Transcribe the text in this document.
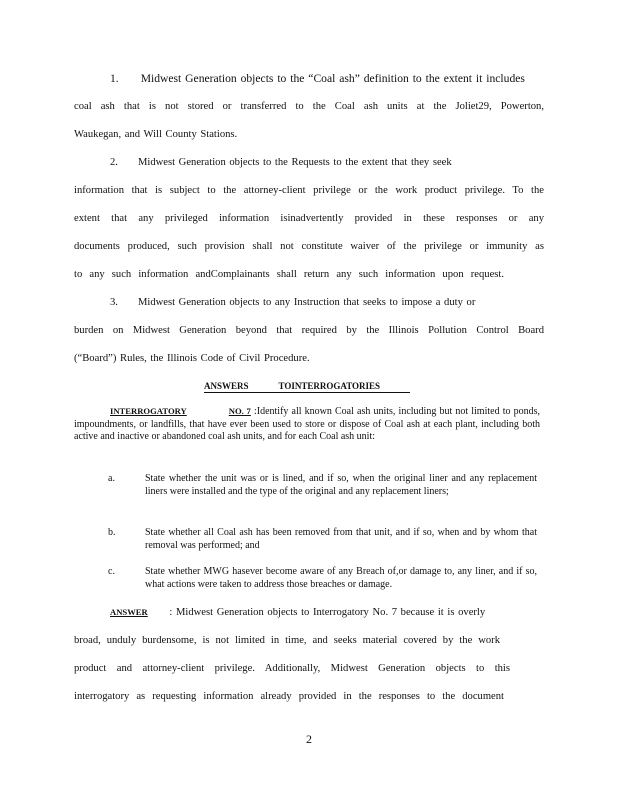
1. Midwest Generation objects to the “Coal ash” definition to the extent it includes
coal ash that is not stored or transferred to the Coal ash units at the Joliet29, Powerton,
Waukegan, and Will County Stations.
2. Midwest Generation objects to the Requests to the extent that they seek
information that is subject to the attorney-client privilege or the work product privilege. To the
extent that any privileged information isinadvertently provided in these responses or any
documents produced, such provision shall not constitute waiver of the privilege or immunity as
to any such information andComplainants shall return any such information upon request.
3. Midwest Generation objects to any Instruction that seeks to impose a duty or
burden on Midwest Generation beyond that required by the Illinois Pollution Control Board
(“Board”) Rules, the Illinois Code of Civil Procedure.
ANSWERS	TOINTERROGATORIES
INTERROGATORY	NO. 7 :Identify all known Coal ash units, including but not limited to ponds, impoundments, or landfills, that have ever been used to store or dispose of Coal ash at each plant, including both active and inactive or abandoned coal ash units, and for each Coal ash unit:
a.	State whether the unit was or is lined, and if so, when the original liner and any replacement liners were installed and the type of the original and any replacement liners;
b.	State whether all Coal ash has been removed from that unit, and if so, when and by whom that removal was performed; and
c.	State whether MWG hasever become aware of any Breach of,or damage to, any liner, and if so, what actions were taken to address those breaches or damage.
ANSWER : Midwest Generation objects to Interrogatory No. 7 because it is overly
broad, unduly burdensome, is not limited in time, and seeks material covered by the work
product and attorney-client privilege. Additionally, Midwest Generation objects to this
interrogatory as requesting information already provided in the responses to the document
2
